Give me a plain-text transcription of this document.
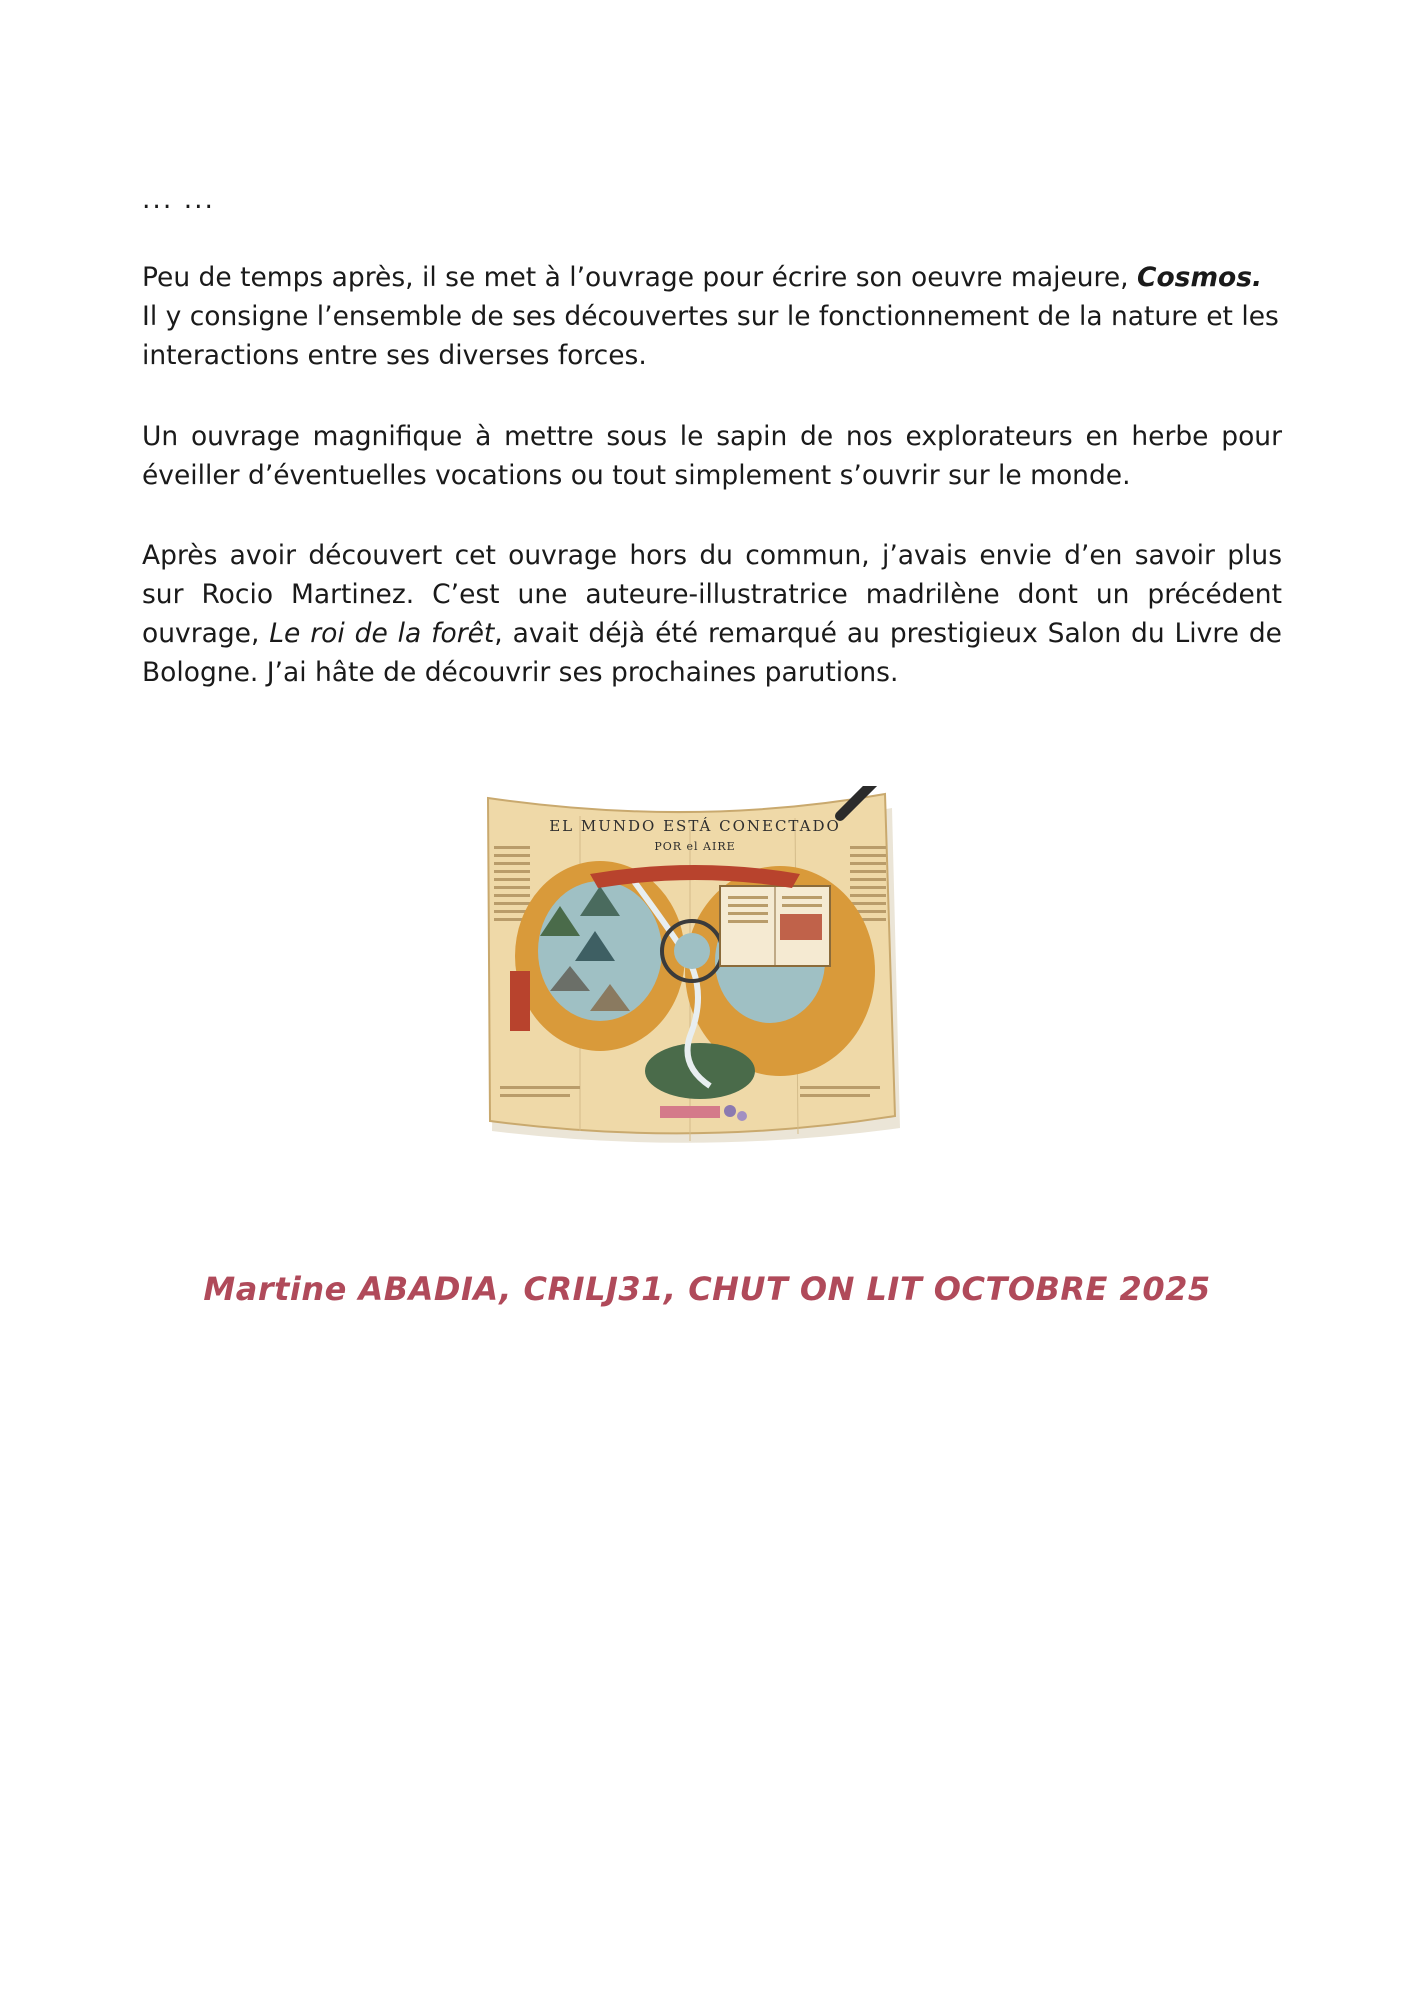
... ...

Peu de temps après, il se met à l’ouvrage pour écrire son oeuvre majeure, Cosmos.

Il y consigne l’ensemble de ses découvertes sur le fonctionnement de la nature et les interactions entre ses diverses forces.

Un ouvrage magnifique à mettre sous le sapin de nos explorateurs en herbe pour éveiller d’éventuelles vocations ou tout simplement s’ouvrir sur le monde.

Après avoir découvert cet ouvrage hors du commun, j’avais envie d’en savoir plus sur Rocio Martinez. C’est une auteure-illustratrice madrilène dont un précédent ouvrage, Le roi de la forêt, avait déjà été remarqué au prestigieux Salon du Livre de Bologne. J’ai hâte de découvrir ses prochaines parutions.

EL MUNDO ESTÁ CONECTADO
POR el AIRE
Martine ABADIA, CRILJ31, CHUT ON LIT OCTOBRE 2025
